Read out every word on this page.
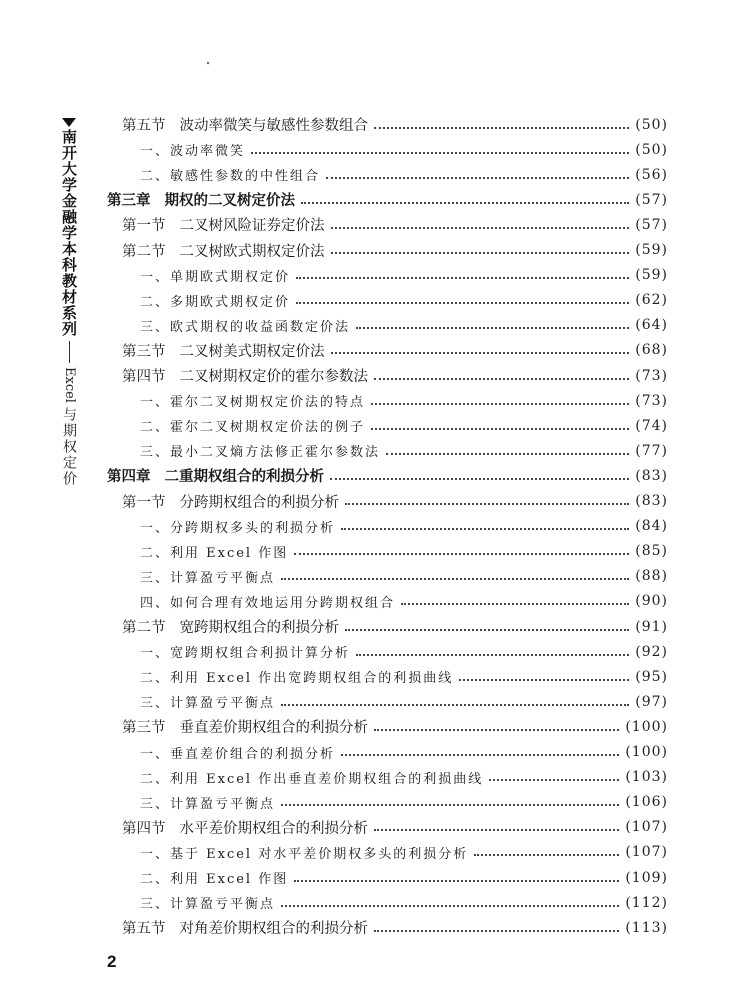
南开大学金融学本科教材系列
Excel 与期权定价
第五节 波动率微笑与敏感性参数组合	(50)
一、波动率微笑	(50)
二、敏感性参数的中性组合	(56)
第三章 期权的二叉树定价法	(57)
第一节 二叉树风险证券定价法	(57)
第二节 二叉树欧式期权定价法	(59)
一、单期欧式期权定价	(59)
二、多期欧式期权定价	(62)
三、欧式期权的收益函数定价法	(64)
第三节 二叉树美式期权定价法	(68)
第四节 二叉树期权定价的霍尔参数法	(73)
一、霍尔二叉树期权定价法的特点	(73)
二、霍尔二叉树期权定价法的例子	(74)
三、最小二叉熵方法修正霍尔参数法	(77)
第四章 二重期权组合的利损分析	(83)
第一节 分跨期权组合的利损分析	(83)
一、分跨期权多头的利损分析	(84)
二、利用 Excel 作图	(85)
三、计算盈亏平衡点	(88)
四、如何合理有效地运用分跨期权组合	(90)
第二节 宽跨期权组合的利损分析	(91)
一、宽跨期权组合利损计算分析	(92)
二、利用 Excel 作出宽跨期权组合的利损曲线	(95)
三、计算盈亏平衡点	(97)
第三节 垂直差价期权组合的利损分析	(100)
一、垂直差价组合的利损分析	(100)
二、利用 Excel 作出垂直差价期权组合的利损曲线	(103)
三、计算盈亏平衡点	(106)
第四节 水平差价期权组合的利损分析	(107)
一、基于 Excel 对水平差价期权多头的利损分析	(107)
二、利用 Excel 作图	(109)
三、计算盈亏平衡点	(112)
第五节 对角差价期权组合的利损分析	(113)
2
